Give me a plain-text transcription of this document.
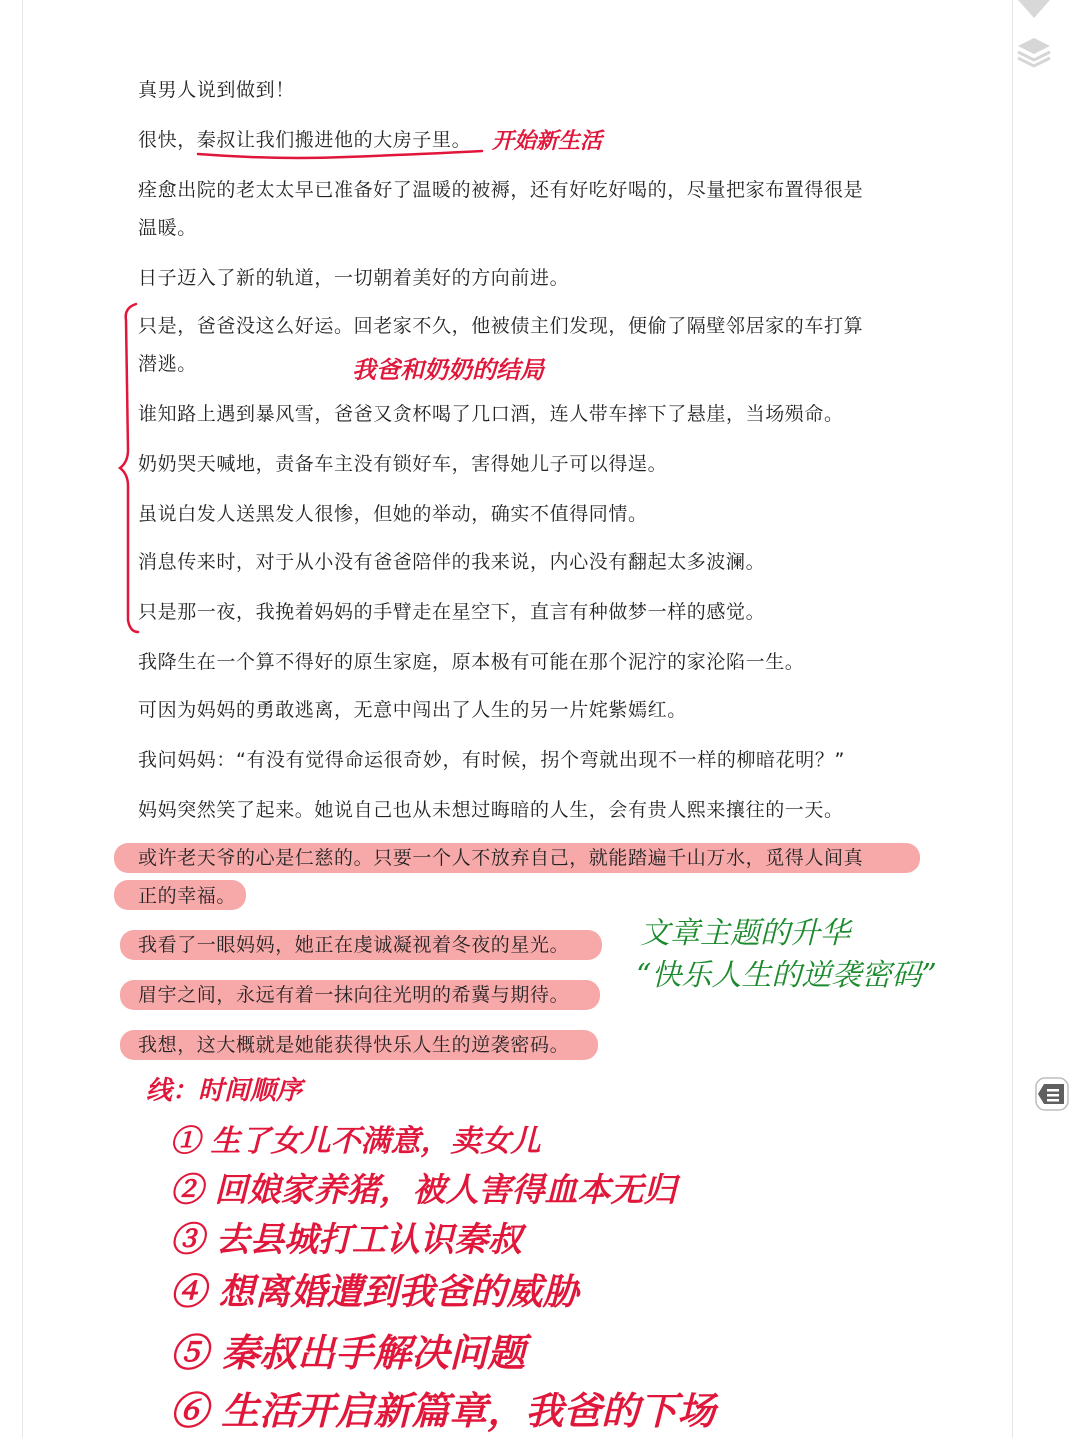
真男人说到做到！
很快，秦叔让我们搬进他的大房子里。 开始新生活
痊愈出院的老太太早已准备好了温暖的被褥，还有好吃好喝的，尽量把家布置得很是
温暖。
日子迈入了新的轨道，一切朝着美好的方向前进。
只是，爸爸没这么好运。回老家不久，他被债主们发现，便偷了隔壁邻居家的车打算
潜逃。	我爸和奶奶的结局
谁知路上遇到暴风雪，爸爸又贪杯喝了几口酒，连人带车摔下了悬崖，当场殒命。
奶奶哭天喊地，责备车主没有锁好车，害得她儿子可以得逞。
虽说白发人送黑发人很惨，但她的举动，确实不值得同情。
消息传来时，对于从小没有爸爸陪伴的我来说，内心没有翻起太多波澜。
只是那一夜，我挽着妈妈的手臂走在星空下，直言有种做梦一样的感觉。
我降生在一个算不得好的原生家庭，原本极有可能在那个泥泞的家沦陷一生。
可因为妈妈的勇敢逃离，无意中闯出了人生的另一片姹紫嫣红。
我问妈妈：“有没有觉得命运很奇妙，有时候，拐个弯就出现不一样的柳暗花明？”
妈妈突然笑了起来。她说自己也从未想过晦暗的人生，会有贵人熙来攘往的一天。
或许老天爷的心是仁慈的。只要一个人不放弃自己，就能踏遍千山万水，觅得人间真
正的幸福。
我看了一眼妈妈，她正在虔诚凝视着冬夜的星光。
眉宇之间，永远有着一抹向往光明的希冀与期待。
我想，这大概就是她能获得快乐人生的逆袭密码。
文章主题的升华
“快乐人生的逆袭密码”
线：时间顺序
① 生了女儿不满意，卖女儿
② 回娘家养猪，被人害得血本无归
③ 去县城打工认识秦叔
④ 想离婚遭到我爸的威胁
⑤ 秦叔出手解决问题
⑥ 生活开启新篇章，我爸的下场
